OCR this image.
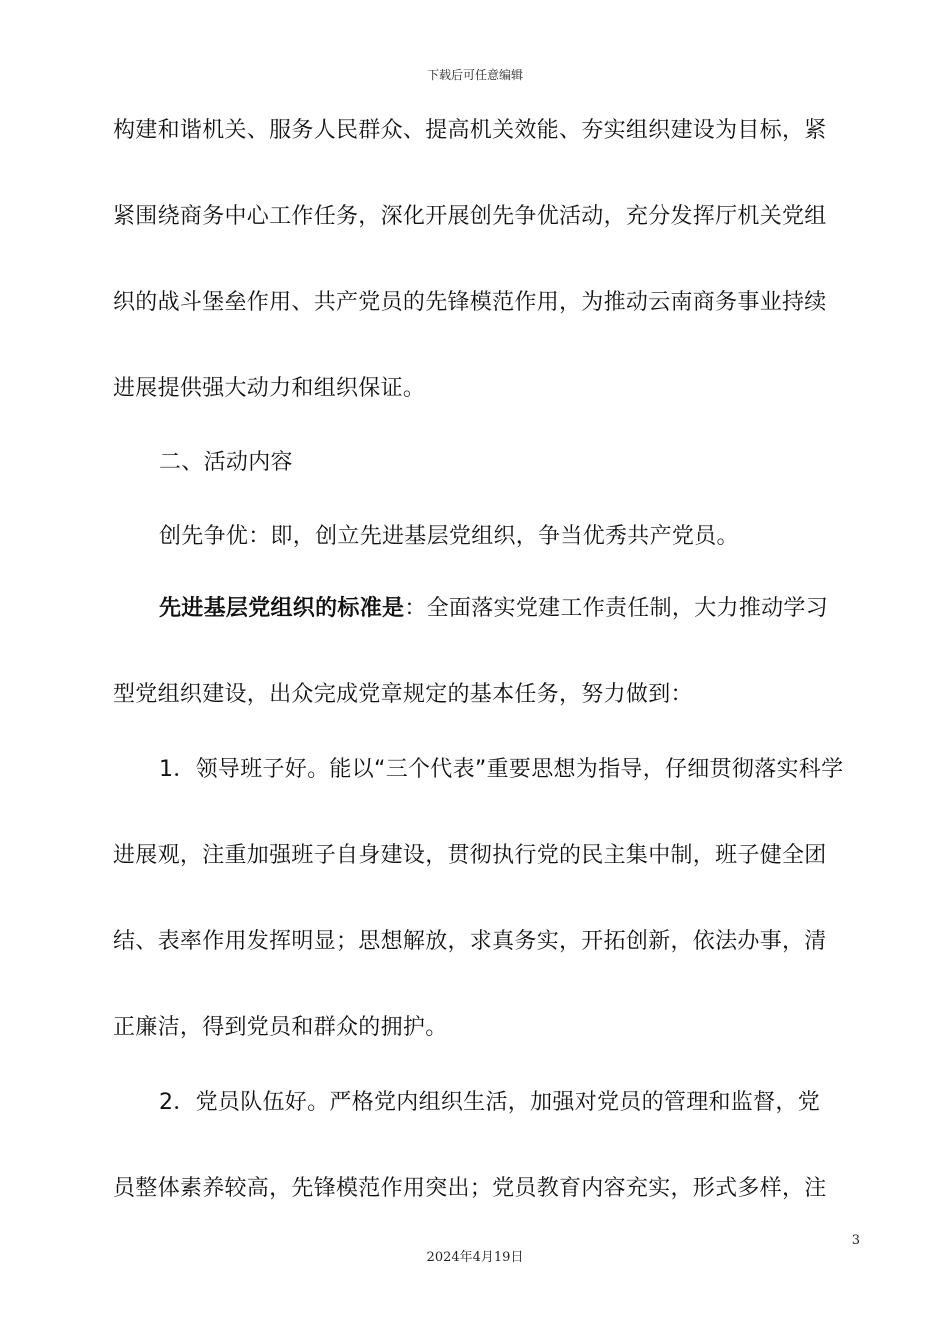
下载后可任意编辑
构建和谐机关、服务人民群众、提高机关效能、夯实组织建设为目标，紧
紧围绕商务中心工作任务，深化开展创先争优活动，充分发挥厅机关党组
织的战斗堡垒作用、共产党员的先锋模范作用，为推动云南商务事业持续
进展提供强大动力和组织保证。
二、活动内容
创先争优：即，创立先进基层党组织，争当优秀共产党员。
先进基层党组织的标准是：全面落实党建工作责任制，大力推动学习
型党组织建设，出众完成党章规定的基本任务，努力做到：
1．领导班子好。能以“三个代表”重要思想为指导，仔细贯彻落实科学
进展观，注重加强班子自身建设，贯彻执行党的民主集中制，班子健全团
结、表率作用发挥明显；思想解放，求真务实，开拓创新，依法办事，清
正廉洁，得到党员和群众的拥护。
2．党员队伍好。严格党内组织生活，加强对党员的管理和监督，党
员整体素养较高，先锋模范作用突出；党员教育内容充实，形式多样，注
3
2024年4月19日
